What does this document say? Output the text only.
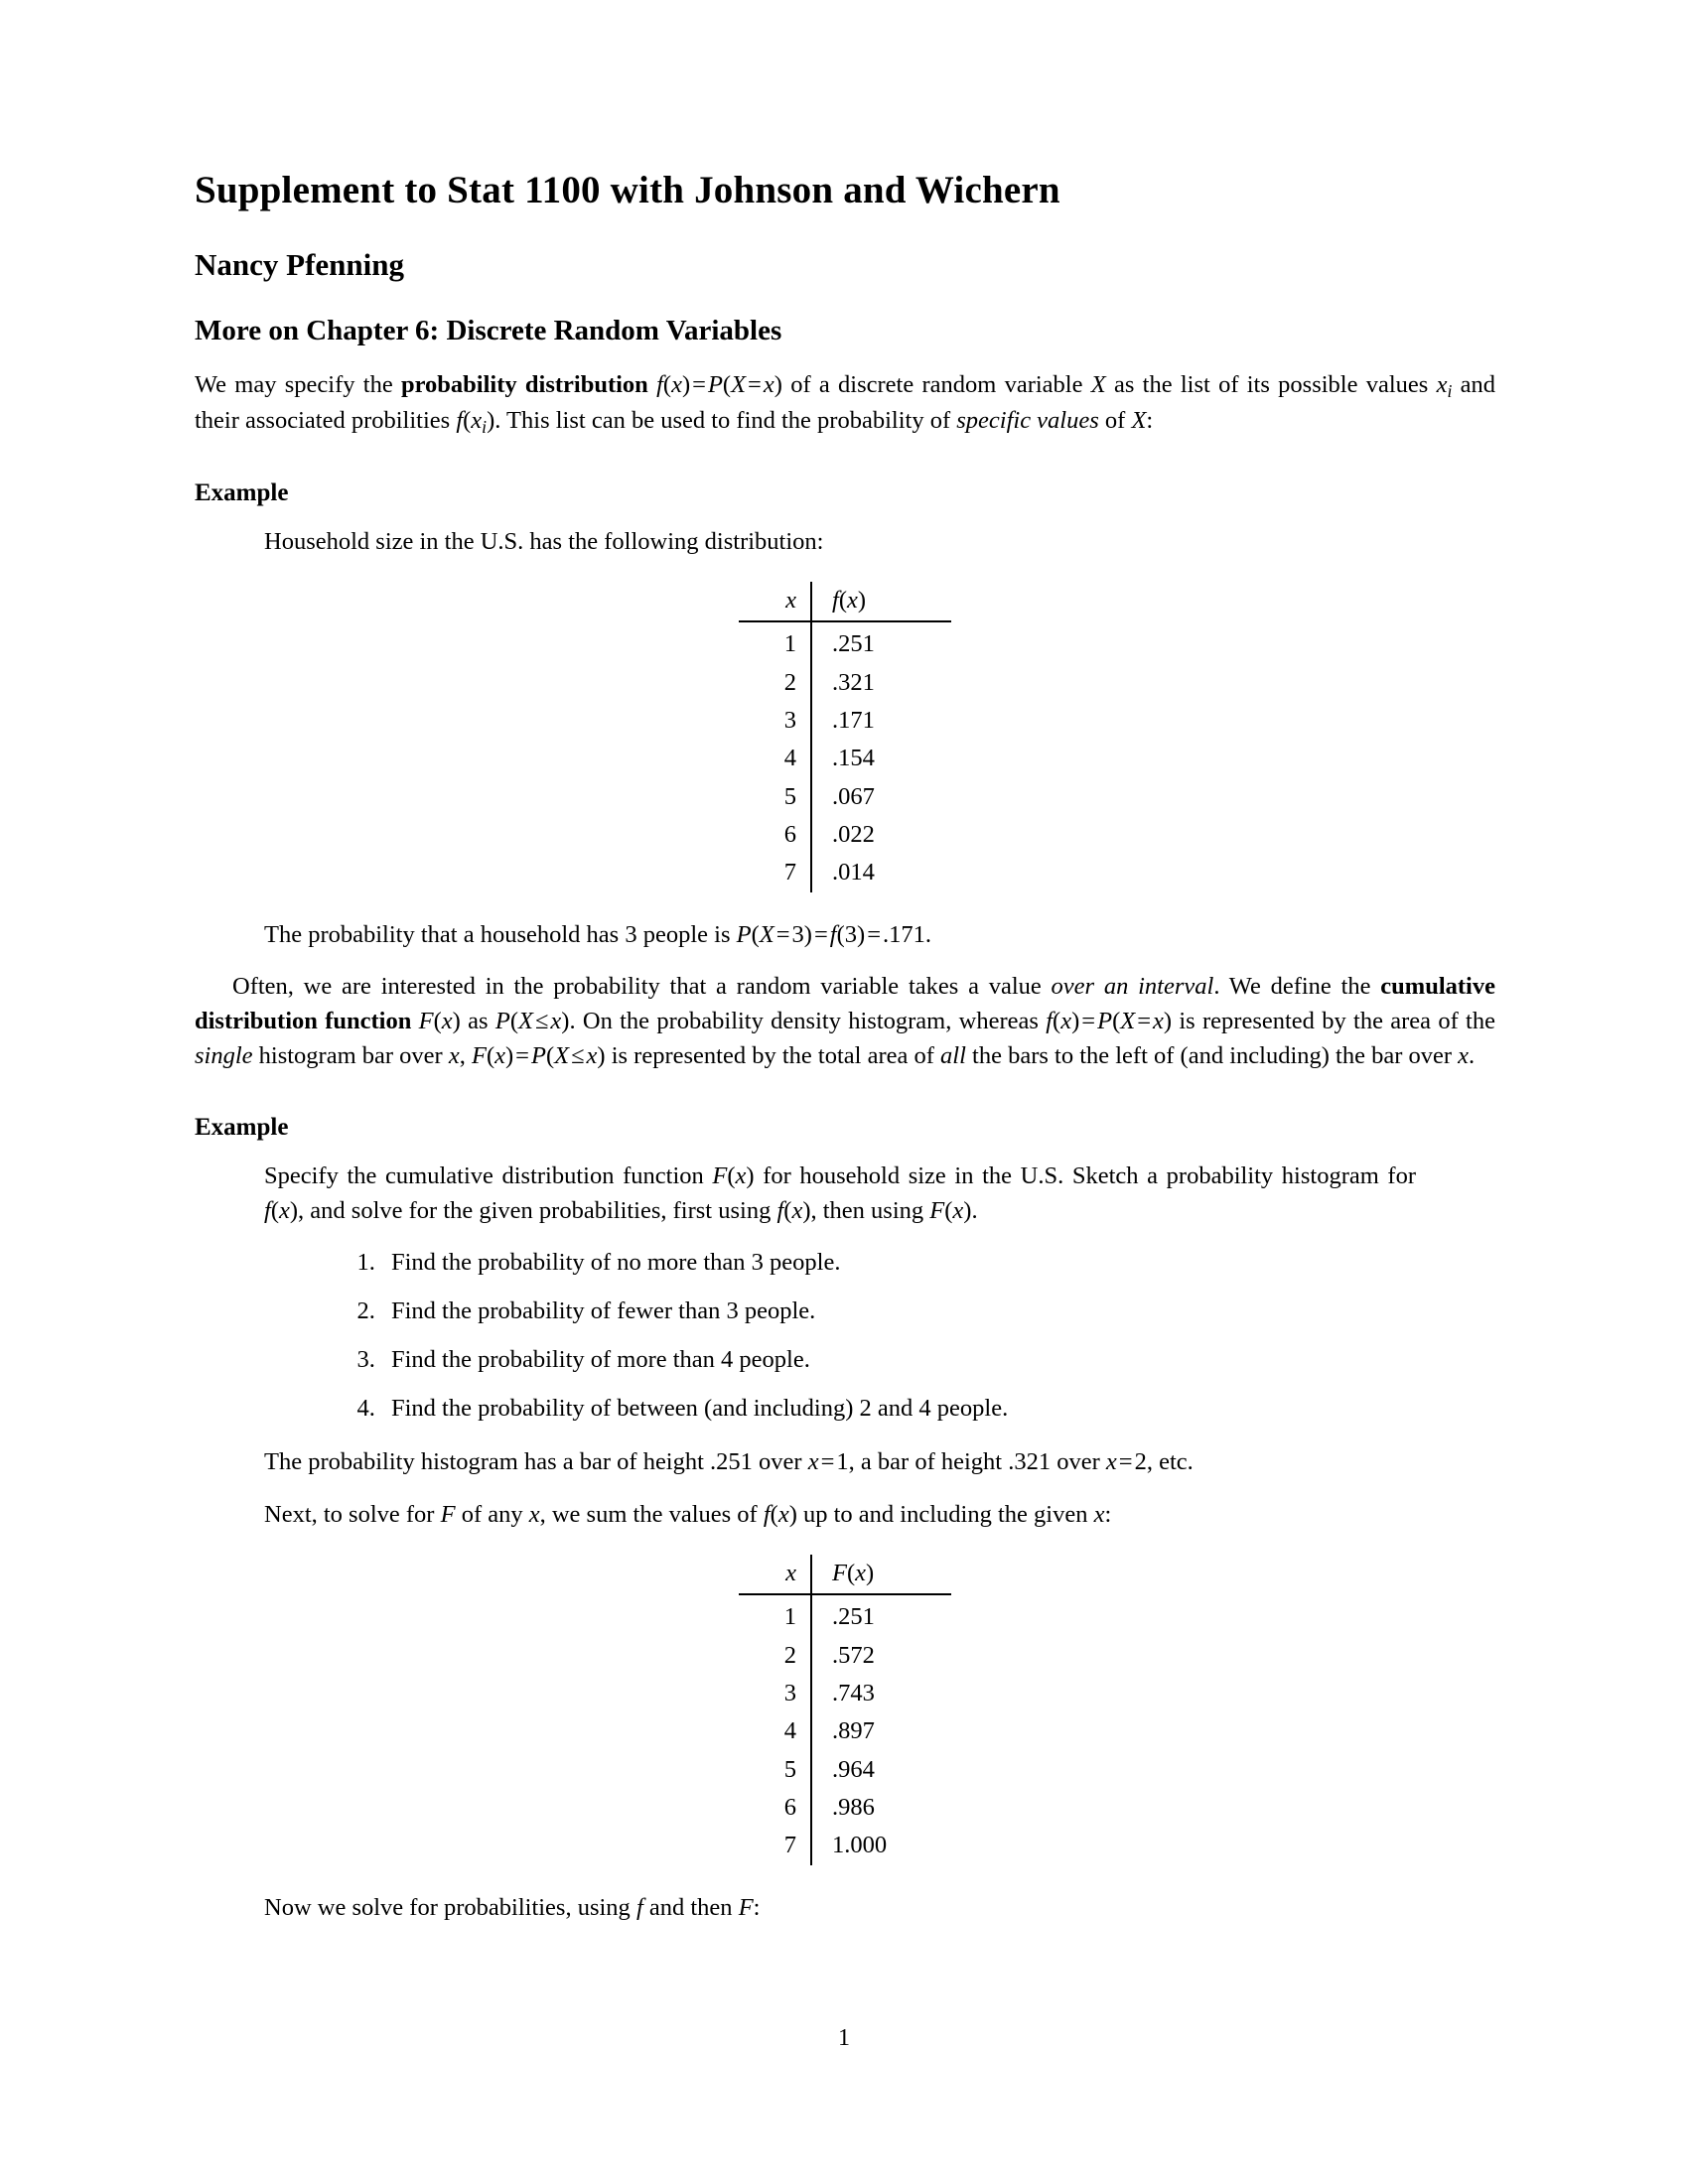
Supplement to Stat 1100 with Johnson and Wichern
Nancy Pfenning
More on Chapter 6: Discrete Random Variables

We may specify the probability distribution f(x)=P(X=x) of a discrete random variable X as the list of its possible values $x_i$ and their associated probilities $f(x_i)$. This list can be used to find the probability of specific values of X:

Example

Household size in the U.S. has the following distribution:

x	f(x)
1	.251
2	.321
3	.171
4	.154
5	.067
6	.022
7	.014

The probability that a household has 3 people is P(X=3)=f(3)=.171.

Often, we are interested in the probability that a random variable takes a value over an interval. We define the cumulative distribution function F(x) as P(X≤x). On the probability density histogram, whereas f(x)=P(X=x) is represented by the area of the single histogram bar over x, F(x)=P(X≤x) is represented by the total area of all the bars to the left of (and including) the bar over x.

Example

Specify the cumulative distribution function F(x) for household size in the U.S. Sketch a probability histogram for f(x), and solve for the given probabilities, first using f(x), then using F(x).

1. Find the probability of no more than 3 people.
2. Find the probability of fewer than 3 people.
3. Find the probability of more than 4 people.
4. Find the probability of between (and including) 2 and 4 people.

The probability histogram has a bar of height .251 over x=1, a bar of height .321 over x=2, etc.

Next, to solve for F of any x, we sum the values of f(x) up to and including the given x:

x	F(x)
1	.251
2	.572
3	.743
4	.897
5	.964
6	.986
7	1.000

Now we solve for probabilities, using f and then F:

1
